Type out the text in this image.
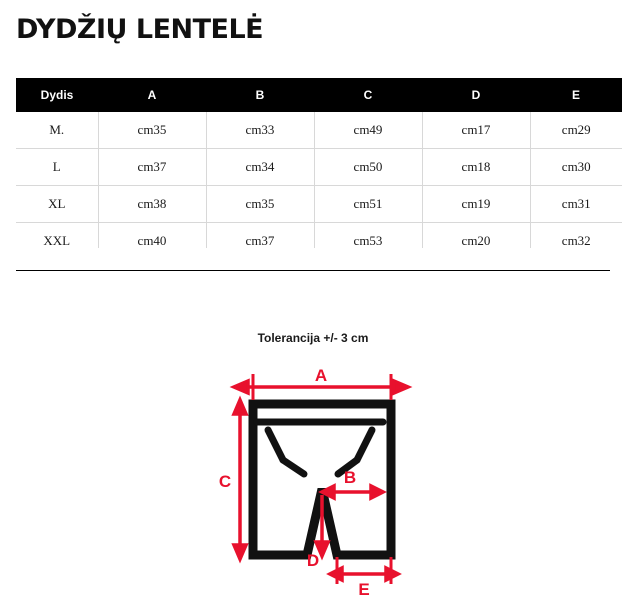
DYDŽIŲ LENTELĖ
Dydis	A	B	C	D	E
M.	cm35	cm33	cm49	cm17	cm29
L	cm37	cm34	cm50	cm18	cm30
XL	cm38	cm35	cm51	cm19	cm31
XXL	cm40	cm37	cm53	cm20	cm32
Tolerancija +/- 3 cm
A
C	B
D
E
